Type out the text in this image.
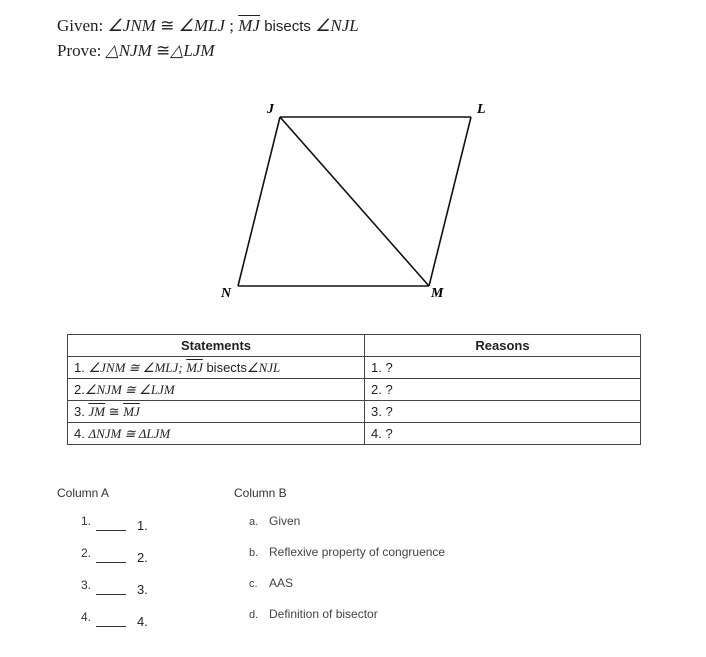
Given: ∠JNM ≅ ∠MLJ ; $\overline{MJ}$ bisects ∠NJL
Prove: △NJM ≅△LJM
J	L
N	M
Statements	Reasons
1. ∠JNM ≅ ∠MLJ; $\overline{MJ}$ bisects∠NJL	1. ?
2.∠NJM ≅ ∠LJM	2. ?
3. $\overline{JM}$ ≅ $\overline{MJ}$	3. ?
4. ΔNJM ≅ ΔLJM	4. ?
Column A	Column B
1.	1.
2.	2.
3.	3.
4.	4.
a. Given
b. Reflexive property of congruence
c. AAS
d. Definition of bisector
